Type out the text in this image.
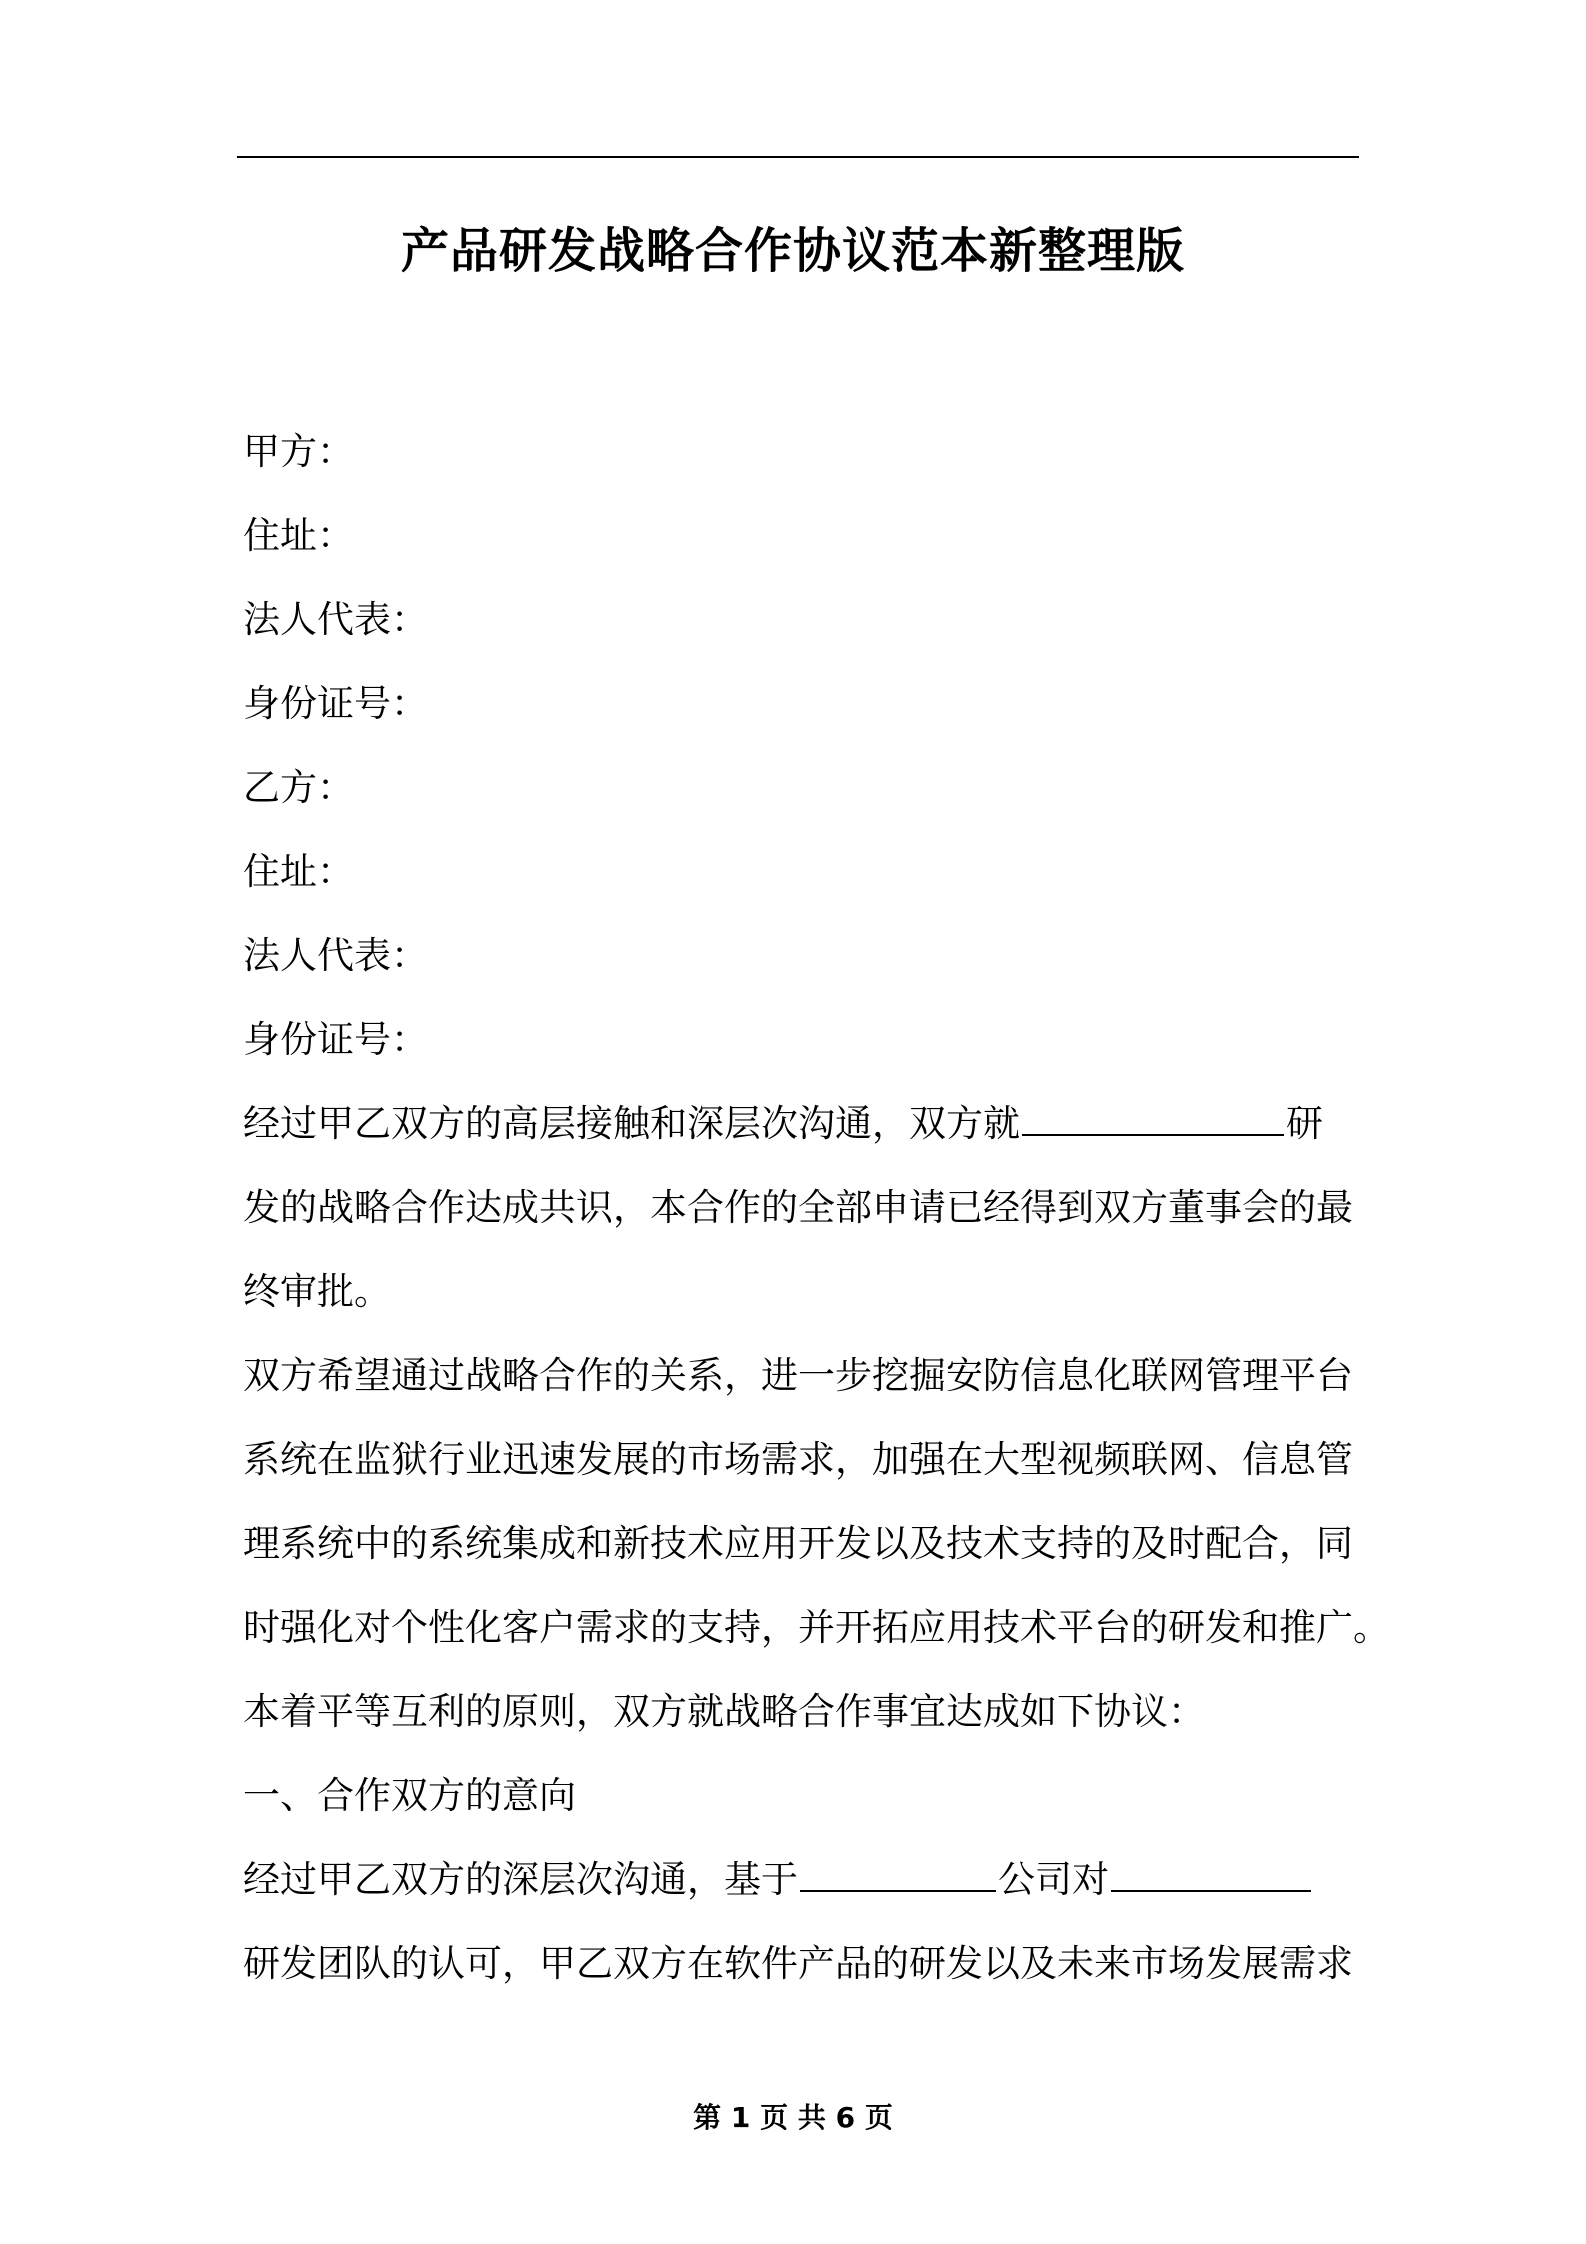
产品研发战略合作协议范本新整理版
甲方：
住址：
法人代表：
身份证号：
乙方：
住址：
法人代表：
身份证号：
经过甲乙双方的高层接触和深层次沟通，双方就	研
发的战略合作达成共识，本合作的全部申请已经得到双方董事会的最
终审批。
双方希望通过战略合作的关系，进一步挖掘安防信息化联网管理平台
系统在监狱行业迅速发展的市场需求，加强在大型视频联网、信息管
理系统中的系统集成和新技术应用开发以及技术支持的及时配合，同
时强化对个性化客户需求的支持，并开拓应用技术平台的研发和推广。
本着平等互利的原则，双方就战略合作事宜达成如下协议：
一、合作双方的意向
经过甲乙双方的深层次沟通，基于	公司对
研发团队的认可，甲乙双方在软件产品的研发以及未来市场发展需求
第 1 页 共 6 页
